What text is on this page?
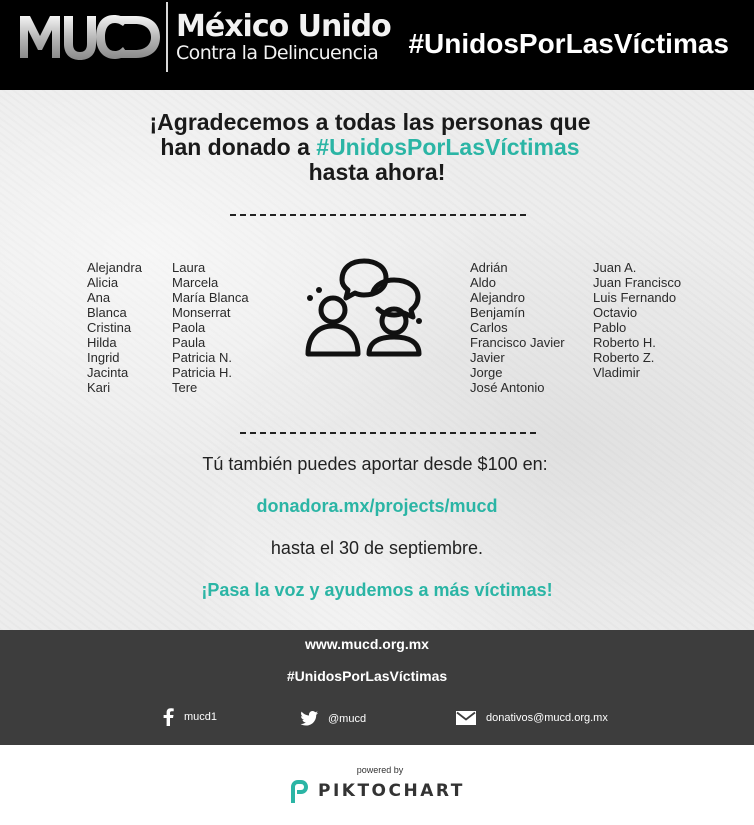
México Unido
Contra la Delincuencia #UnidosPorLasVíctimas
¡Agradecemos a todas las personas que
han donado a #UnidosPorLasVíctimas
hasta ahora!
Alejandra
Alicia
Ana
Blanca
Cristina
Hilda
Ingrid
Jacinta
Kari
Laura
Marcela
María Blanca
Monserrat
Paola
Paula
Patricia N.
Patricia H.
Tere
Adrián
Aldo
Alejandro
Benjamín
Carlos
Francisco Javier
Javier
Jorge
José Antonio
Juan A.
Juan Francisco
Luis Fernando
Octavio
Pablo
Roberto H.
Roberto Z.
Vladimir
Tú también puedes aportar desde $100 en:
donadora.mx/projects/mucd
hasta el 30 de septiembre.
¡Pasa la voz y ayudemos a más víctimas!
www.mucd.org.mx
#UnidosPorLasVíctimas
mucd1	@mucd	donativos@mucd.org.mx
powered by
PIKTOCHART
